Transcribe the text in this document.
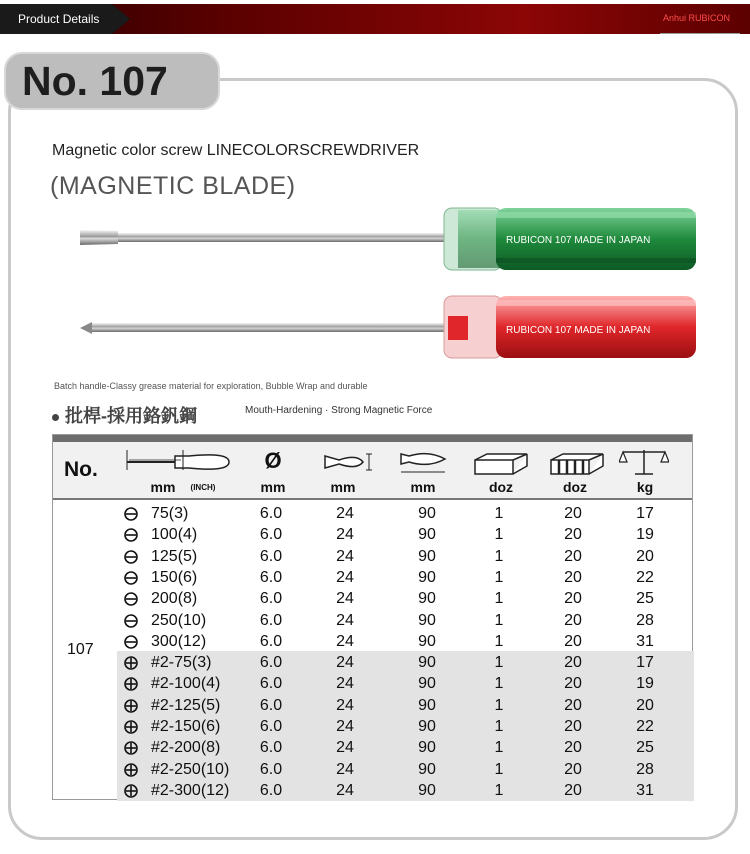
Product Details	Anhui RUBICON
No. 107
Magnetic color screw LINECOLORSCREWDRIVER
(MAGNETIC BLADE)
RUBICON 107 MADE IN JAPAN
RUBICON 107 MADE IN JAPAN
Batch handle-Classy grease material for exploration, Bubble Wrap and durable
批桿-採用鉻釩鋼	Mouth-Hardening · Strong Magnetic Force
No.
mm	(INCH)
Ø
mm	mm	mm	doz	doz	kg
107
75(3)	6.0	24	90	1	20	17
100(4)	6.0	24	90	1	20	19
125(5)	6.0	24	90	1	20	20
150(6)	6.0	24	90	1	20	22
200(8)	6.0	24	90	1	20	25
250(10)	6.0	24	90	1	20	28
300(12)	6.0	24	90	1	20	31
#2-75(3)	6.0	24	90	1	20	17
#2-100(4)	6.0	24	90	1	20	19
#2-125(5)	6.0	24	90	1	20	20
#2-150(6)	6.0	24	90	1	20	22
#2-200(8)	6.0	24	90	1	20	25
#2-250(10)	6.0	24	90	1	20	28
#2-300(12)	6.0	24	90	1	20	31
